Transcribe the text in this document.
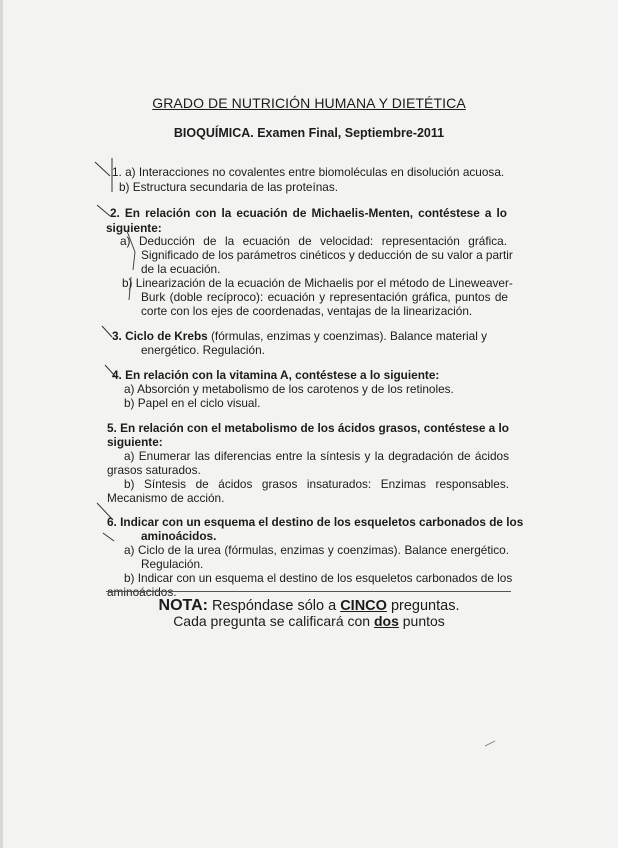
GRADO DE NUTRICIÓN HUMANA Y DIETÉTICA
BIOQUÍMICA. Examen Final, Septiembre-2011
1. a) Interacciones no covalentes entre biomoléculas en disolución acuosa.
b) Estructura secundaria de las proteínas.
2. En relación con la ecuación de Michaelis-Menten, contéstese a lo
siguiente:
a) Deducción de la ecuación de velocidad: representación gráfica.
Significado de los parámetros cinéticos y deducción de su valor a partir
de la ecuación.
b) Linearización de la ecuación de Michaelis por el método de Lineweaver-
Burk (doble recíproco): ecuación y representación gráfica, puntos de
corte con los ejes de coordenadas, ventajas de la linearización.
3. Ciclo de Krebs (fórmulas, enzimas y coenzimas). Balance material y
energético. Regulación.
4. En relación con la vitamina A, contéstese a lo siguiente:
a) Absorción y metabolismo de los carotenos y de los retinoles.
b) Papel en el ciclo visual.
5. En relación con el metabolismo de los ácidos grasos, contéstese a lo
siguiente:
a) Enumerar las diferencias entre la síntesis y la degradación de ácidos
grasos saturados.
b) Síntesis de ácidos grasos insaturados: Enzimas responsables.
Mecanismo de acción.
6. Indicar con un esquema el destino de los esqueletos carbonados de los
aminoácidos.
a) Ciclo de la urea (fórmulas, enzimas y coenzimas). Balance energético.
Regulación.
b) Indicar con un esquema el destino de los esqueletos carbonados de los
aminoácidos.
NOTA: Respóndase sólo a CINCO preguntas.
Cada pregunta se calificará con dos puntos
